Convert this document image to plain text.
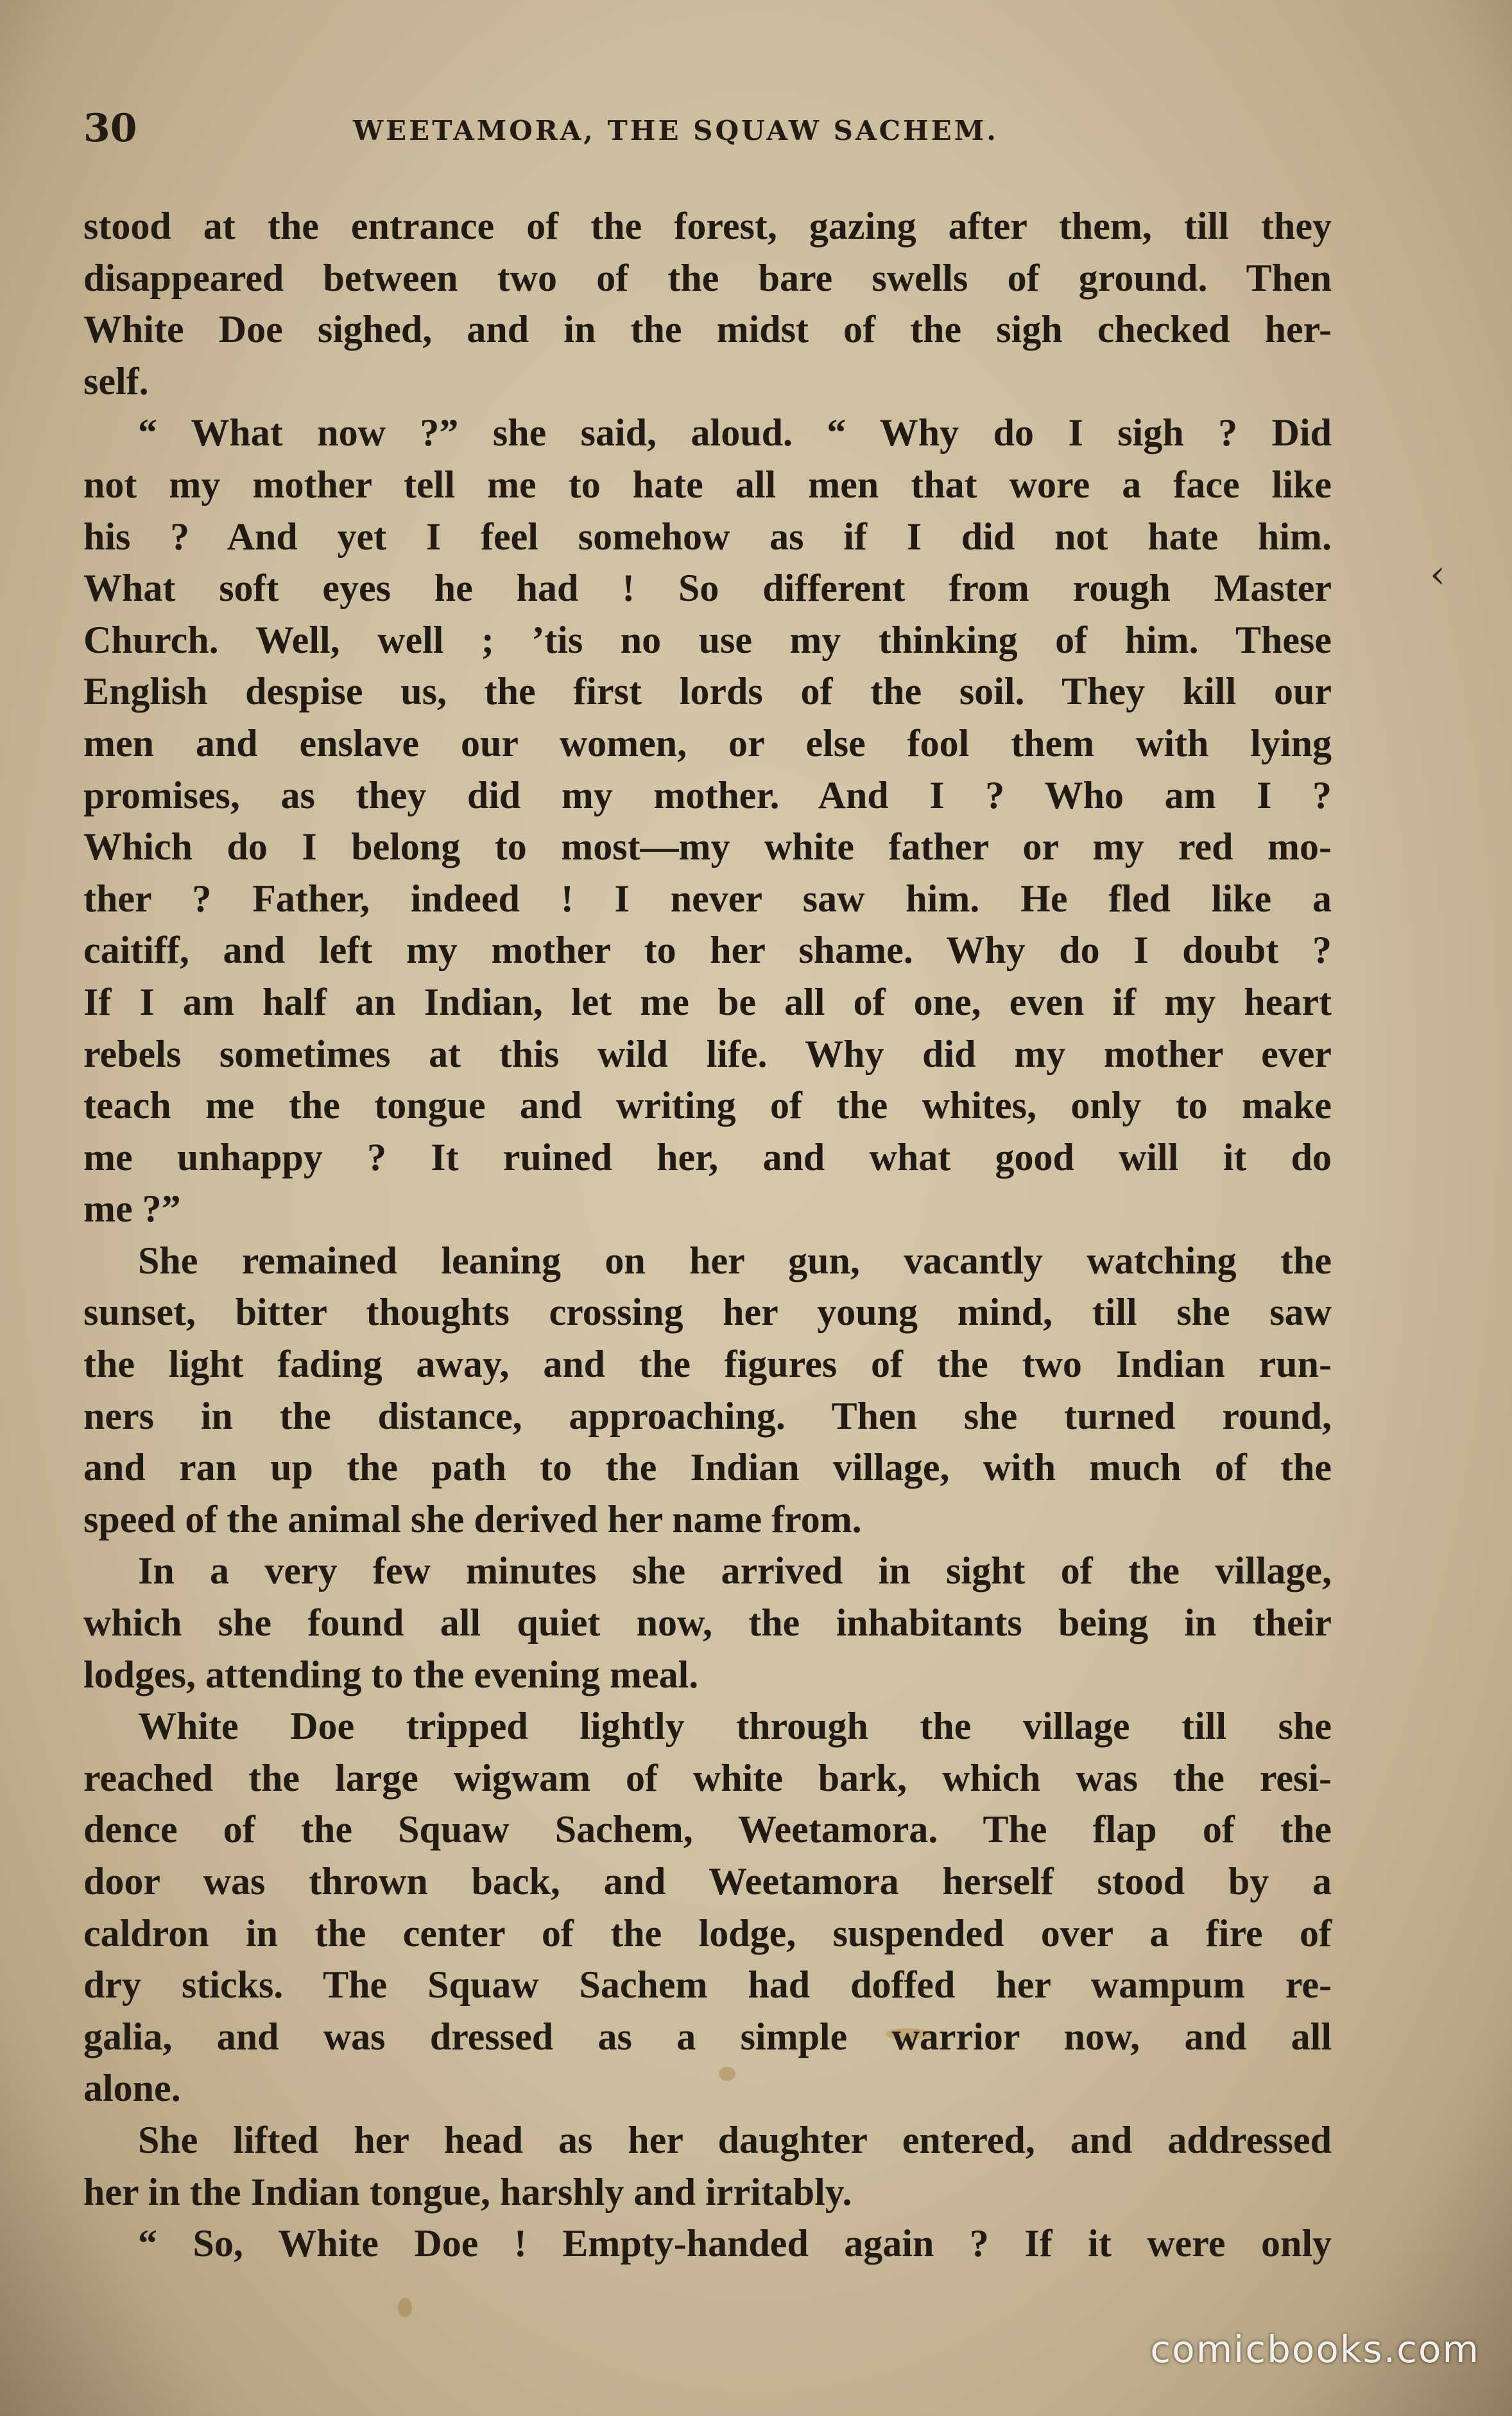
30	WEETAMORA, THE SQUAW SACHEM.
‹
stood at the entrance of the forest, gazing after them, till they
disappeared between two of the bare swells of ground. Then
White Doe sighed, and in the midst of the sigh checked her-
self.
“ What now ?” she said, aloud. “ Why do I sigh ? Did
not my mother tell me to hate all men that wore a face like
his ? And yet I feel somehow as if I did not hate him.
What soft eyes he had ! So different from rough Master
Church. Well, well ; ’tis no use my thinking of him. These
English despise us, the first lords of the soil. They kill our
men and enslave our women, or else fool them with lying
promises, as they did my mother. And I ? Who am I ?
Which do I belong to most—my white father or my red mo-
ther ? Father, indeed ! I never saw him. He fled like a
caitiff, and left my mother to her shame. Why do I doubt ?
If I am half an Indian, let me be all of one, even if my heart
rebels sometimes at this wild life. Why did my mother ever
teach me the tongue and writing of the whites, only to make
me unhappy ? It ruined her, and what good will it do
me ?”
She remained leaning on her gun, vacantly watching the
sunset, bitter thoughts crossing her young mind, till she saw
the light fading away, and the figures of the two Indian run-
ners in the distance, approaching. Then she turned round,
and ran up the path to the Indian village, with much of the
speed of the animal she derived her name from.
In a very few minutes she arrived in sight of the village,
which she found all quiet now, the inhabitants being in their
lodges, attending to the evening meal.
White Doe tripped lightly through the village till she
reached the large wigwam of white bark, which was the resi-
dence of the Squaw Sachem, Weetamora. The flap of the
door was thrown back, and Weetamora herself stood by a
caldron in the center of the lodge, suspended over a fire of
dry sticks. The Squaw Sachem had doffed her wampum re-
galia, and was dressed as a simple warrior now, and all
alone.
She lifted her head as her daughter entered, and addressed
her in the Indian tongue, harshly and irritably.
“ So, White Doe ! Empty-handed again ? If it were only
comicbooks.com
